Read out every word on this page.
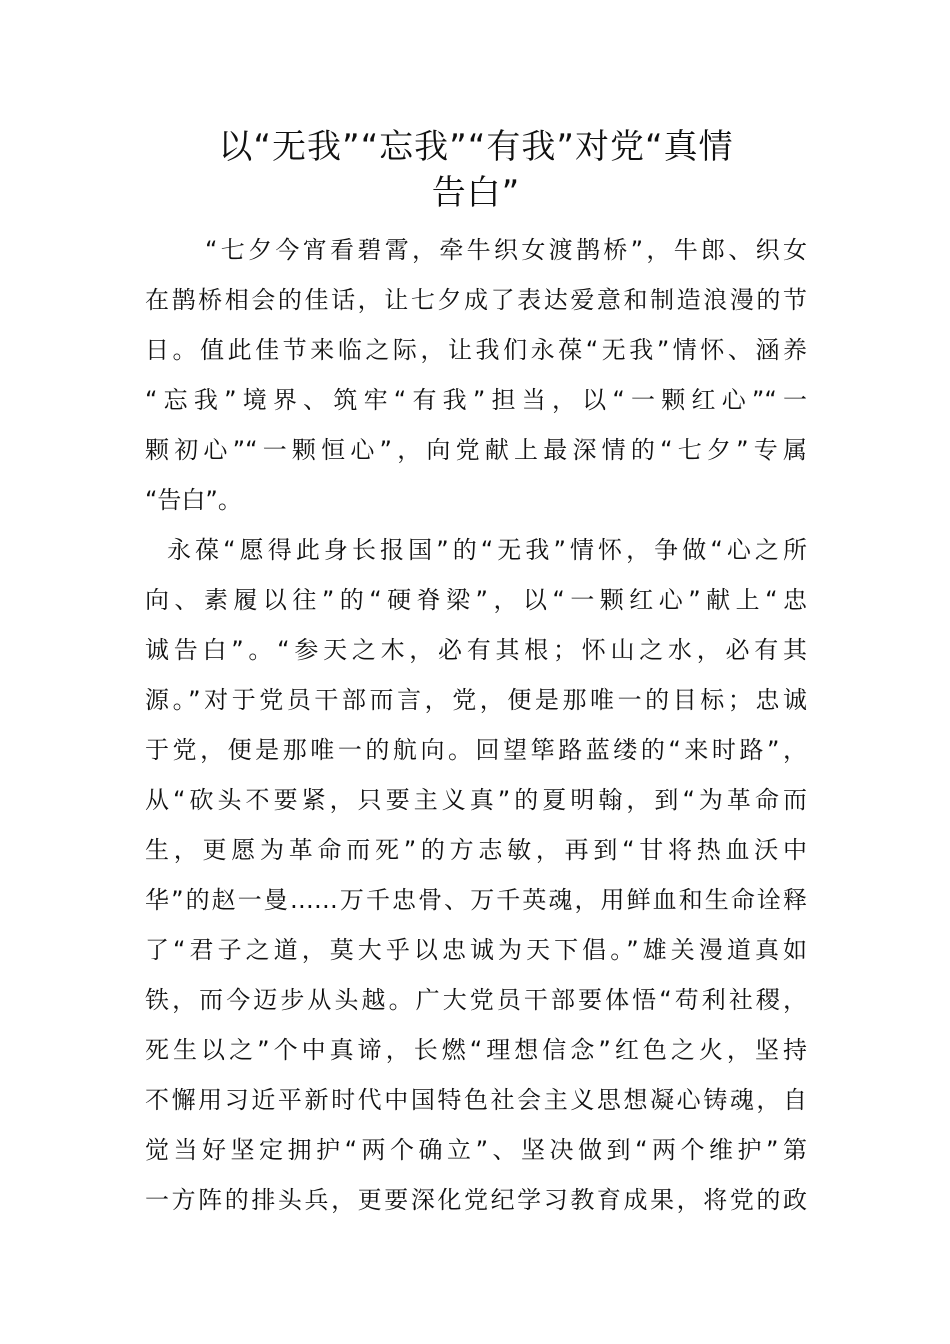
以“无我”“忘我”“有我”对党“真情
告白”
“七夕今宵看碧霄，牵牛织女渡鹊桥”，牛郎、织女
在鹊桥相会的佳话，让七夕成了表达爱意和制造浪漫的节
日。值此佳节来临之际，让我们永葆“无我”情怀、涵养
“忘我”境界、筑牢“有我”担当，以“一颗红心”“一
颗初心”“一颗恒心”，向党献上最深情的“七夕”专属
“告白”。
永葆“愿得此身长报国”的“无我”情怀，争做“心之所
向、素履以往”的“硬脊梁”，以“一颗红心”献上“忠
诚告白”。“参天之木，必有其根；怀山之水，必有其
源。”对于党员干部而言，党，便是那唯一的目标；忠诚
于党，便是那唯一的航向。回望筚路蓝缕的“来时路”，
从“砍头不要紧，只要主义真”的夏明翰，到“为革命而
生，更愿为革命而死”的方志敏，再到“甘将热血沃中
华”的赵一曼……万千忠骨、万千英魂，用鲜血和生命诠释
了“君子之道，莫大乎以忠诚为天下倡。”雄关漫道真如
铁，而今迈步从头越。广大党员干部要体悟“苟利社稷，
死生以之”个中真谛，长燃“理想信念”红色之火，坚持
不懈用习近平新时代中国特色社会主义思想凝心铸魂，自
觉当好坚定拥护“两个确立”、坚决做到“两个维护”第
一方阵的排头兵，更要深化党纪学习教育成果，将党的政
